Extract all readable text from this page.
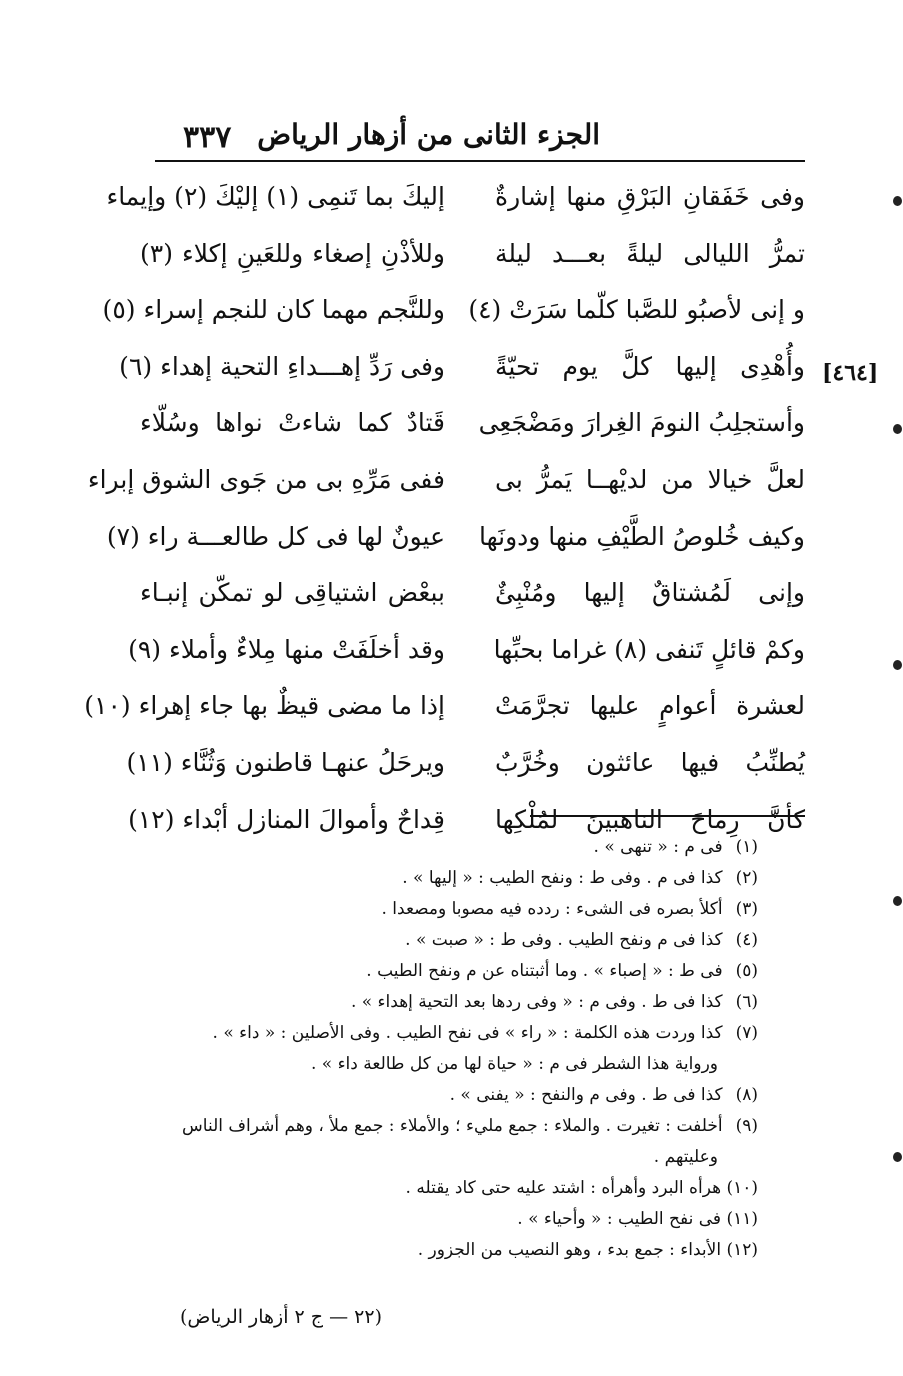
٣٣٧ الجزء الثانى من أزهار الرياض
[٤٦٤]
وفى خَفَقانِ البَرْقِ منها إشارةٌ
إليكَ بما تَنمِى (١) إليْكَ (٢) وإيماء
تمرُّ الليالى ليلةً بعـــد ليلة
وللأذْنِ إصغاء وللعَينِ إكلاء (٣)
و إنى لأصبُو للصَّبا كلّما سَرَتْ (٤)
وللنَّجم مهما كان للنجم إسراء (٥)
وأُهْدِى إليها كلَّ يوم تحيّةً
وفى رَدِّ إهـــداءِ التحية إهداء (٦)
وأستجلِبُ النومَ الغِرارَ ومَضْجَعِى
قَتادٌ كما شاءتْ نواها وسُلّاء
لعلَّ خيالا من لديْهــا يَمرُّ بى
ففى مَرِّهِ بى من جَوى الشوق إبراء
وكيف خُلوصُ الطَّيْفِ منها ودونَها
عيونٌ لها فى كل طالعـــة راء (٧)
وإنى لَمُشتاقٌ إليها ومُنْبِئٌ
ببعْض اشتياقِى لو تمكّن إنبـاء
وكمْ قائلٍ تَنفى (٨) غراما بحبِّها
وقد أخلَفَتْ منها مِلاءٌ وأملاء (٩)
لعشرة أعوامٍ عليها تجرَّمَتْ
إذا ما مضى قيظٌ بها جاء إهراء (١٠)
يُطنِّبُ فيها عائثون وخُرَّبٌ
ويرحَلُ عنهـا قاطنون وَثُنَّاء (١١)
كأنَّ رِماحَ الناهبينَ لمُلْكِها
قِداحٌ وأموالَ المنازل أبْداء (١٢)
(١) فى م : « تنهى » .
(٢) كذا فى م . وفى ط : ونفح الطيب : « إليها » .
(٣) أكلأ بصره فى الشىء : ردده فيه مصوبا ومصعدا .
(٤) كذا فى م ونفح الطيب . وفى ط : « صبت » .
(٥) فى ط : « إصباء » . وما أثبتناه عن م ونفح الطيب .
(٦) كذا فى ط . وفى م : « وفى ردها بعد التحية إهداء » .
(٧) كذا وردت هذه الكلمة : « راء » فى نفح الطيب . وفى الأصلين : « داء » .
ورواية هذا الشطر فى م : « حياة لها من كل طالعة داء » .
(٨) كذا فى ط . وفى م والنفح : « يفنى » .
(٩) أخلفت : تغيرت . والملاء : جمع مليء ؛ والأملاء : جمع ملأ ، وهم أشراف الناس
وعليتهم .
(١٠) هرأه البرد وأهرأه : اشتد عليه حتى كاد يقتله .
(١١) فى نفح الطيب : « وأحياء » .
(١٢) الأبداء : جمع بدء ، وهو النصيب من الجزور .
(٢٢ — ج ٢ أزهار الرياض)
